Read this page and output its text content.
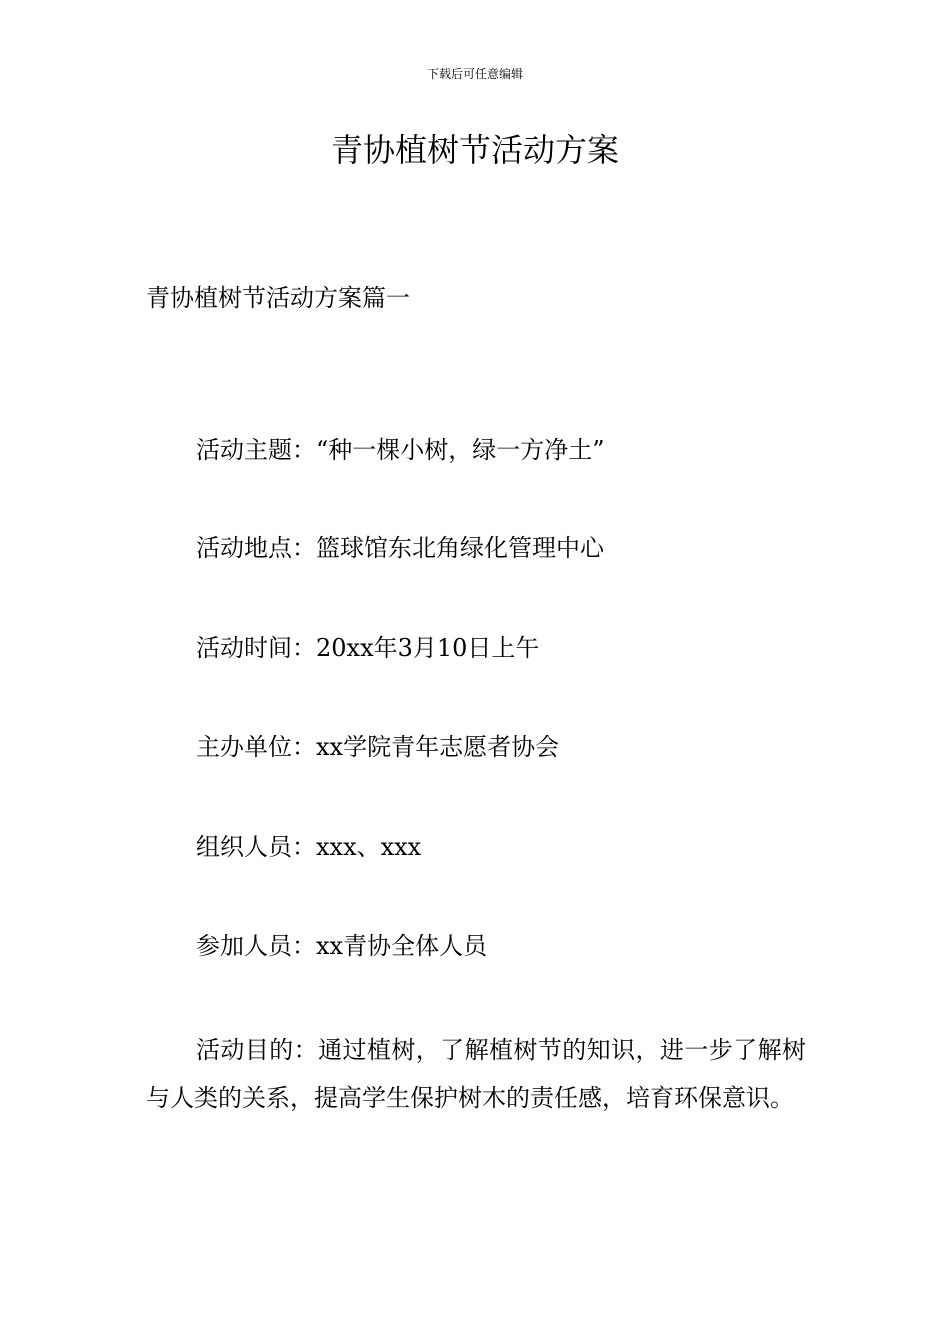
下载后可任意编辑
青协植树节活动方案
青协植树节活动方案篇一
活动主题：“种一棵小树，绿一方净土”
活动地点：篮球馆东北角绿化管理中心
活动时间：20xx年3月10日上午
主办单位：xx学院青年志愿者协会
组织人员：xxx、xxx
参加人员：xx青协全体人员

活动目的：通过植树，了解植树节的知识，进一步了解树与人类的关系，提高学生保护树木的责任感，培育环保意识。
